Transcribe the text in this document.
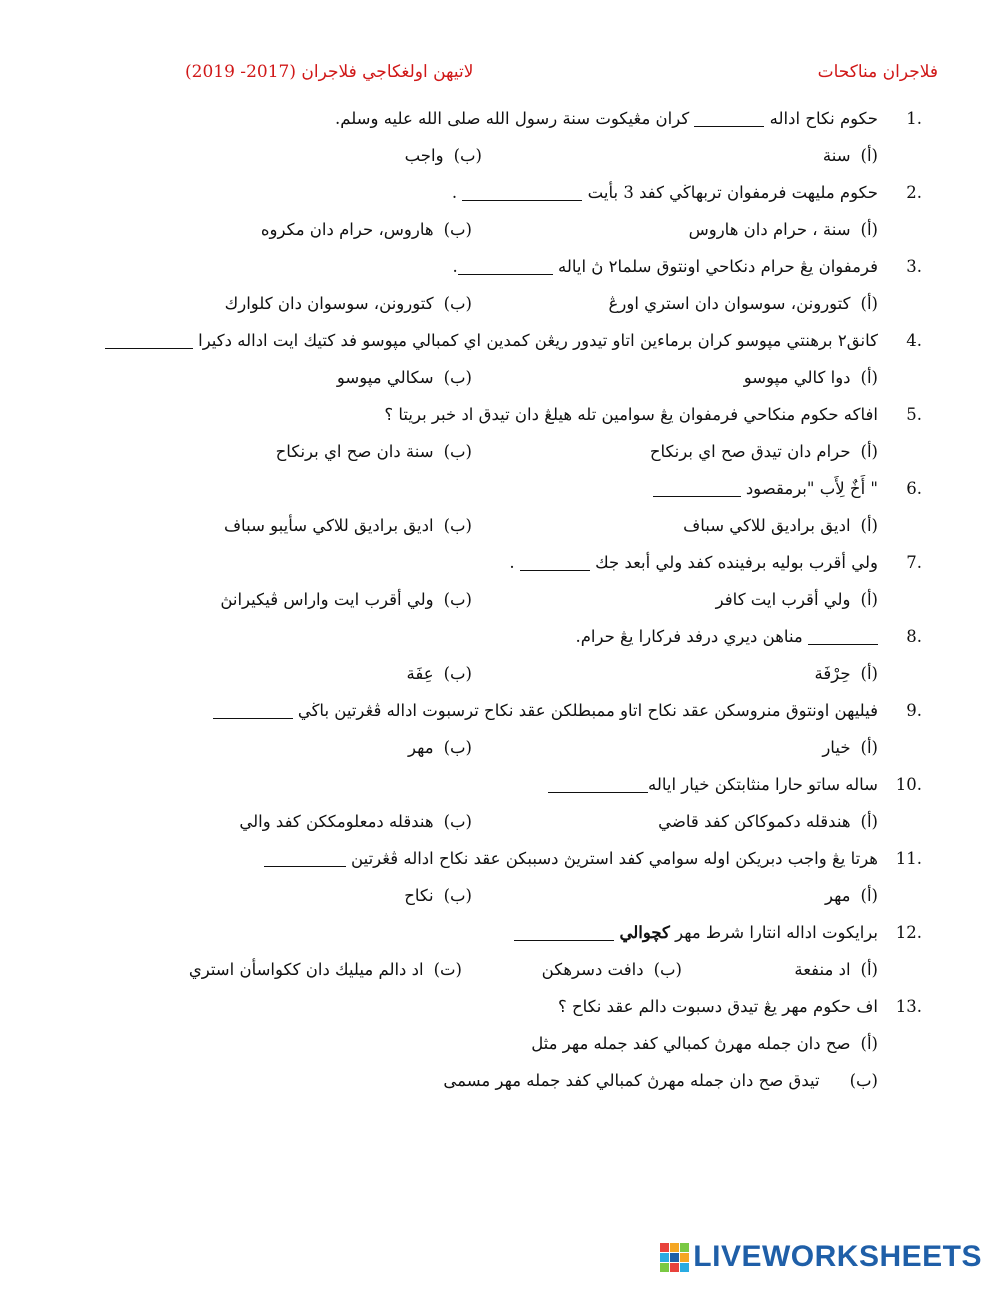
فلاجران مناكحات
لاتيهن اولغكاجي فلاجران (2017- 2019)
1.
حكوم نكاح اداله  كران مڠيكوت سنة رسول الله صلى الله عليه وسلم.
(أ)سنة
(ب)واجب
2.
حكوم مليهت فرمفوان تربهاڬي كفد 3 بأيت  .
(أ)سنة ، حرام دان هاروس
(ب)هاروس، حرام دان مكروه
3.
فرمفوان يڠ حرام دنكاحي اونتوق سلما٢ ڽ اياله .
(أ)كتورونن، سوسوان دان استري اورڠ
(ب)كتورونن، سوسوان دان كلوارك
4.
كانق٢ برهنتي مپوسو كران برماءين اتاو تيدور ريڠن كمدين اي كمبالي مپوسو فد كتيك ايت اداله دكيرا
(أ)دوا كالي مپوسو
(ب)سكالي مپوسو
5.
افاكه حكوم منكاحي فرمفوان يڠ سوامين تله هيلڠ دان تيدق اد خبر بريتا ؟
(أ)حرام دان تيدق صح اي برنكاح
(ب)سنة دان صح اي برنكاح
6.
" أَخٌ لِأَب "برمقصود
(أ)اديق براديق للاكي سباف
(ب)اديق براديق للاكي سأيبو سباف
7.
ولي أقرب بوليه برفينده كفد ولي أبعد جك  .
(أ)ولي أقرب ايت كافر
(ب)ولي أقرب ايت واراس ڤيكيرانڽ
8.
مناهن ديري درفد فركارا يڠ حرام.
(أ)حِرْفَة
(ب)عِفَة
9.
فيليهن اونتوق منروسكن عقد نكاح اتاو ممبطلكن عقد نكاح ترسبوت اداله ڤڠرتين باڬي
(أ)خيار
(ب)مهر
10.
ساله ساتو حارا منثابتكن خيار اياله
(أ)هندقله دكموكاكن كفد قاضي
(ب)هندقله دمعلومككن كفد والي
11.
هرتا يڠ واجب دبريكن اوله سوامي كفد استريڽ دسببكن عقد نكاح اداله ڤڠرتين
(أ)مهر
(ب)نكاح
12.
برايكوت اداله انتارا شرط مهر كچوالي
(أ)اد منفعة
(ب)دافت دسرهكن
(ت)اد دالم ميليك دان ككواسأن استري
13.
اف حكوم مهر يڠ تيدق دسبوت دالم عقد نكاح ؟
(أ)صح دان جمله مهرڽ كمبالي كفد جمله مهر مثل
(ب)تيدق صح دان جمله مهرڽ كمبالي كفد جمله مهر مسمى
LIVEWORKSHEETS
